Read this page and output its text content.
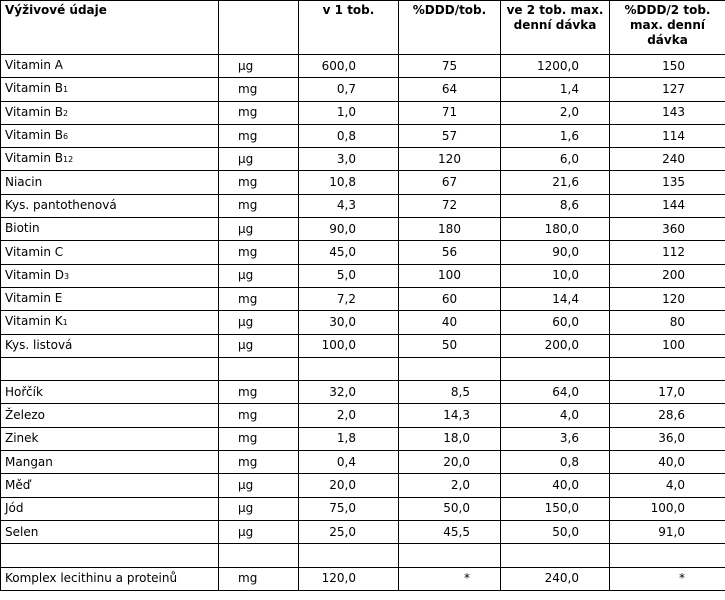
Výživové údaje		v 1 tob.	%DDD/tob.	ve 2 tob. max. denní dávka	%DDD/2 tob. max. denní dávka
Vitamin A	µg	600,0	75	1200,0	150
Vitamin B1	mg	0,7	64	1,4	127
Vitamin B2	mg	1,0	71	2,0	143
Vitamin B6	mg	0,8	57	1,6	114
Vitamin B12	µg	3,0	120	6,0	240
Niacin	mg	10,8	67	21,6	135
Kys. pantothenová	mg	4,3	72	8,6	144
Biotin	µg	90,0	180	180,0	360
Vitamin C	mg	45,0	56	90,0	112
Vitamin D3	µg	5,0	100	10,0	200
Vitamin E	mg	7,2	60	14,4	120
Vitamin K1	µg	30,0	40	60,0	80
Kys. listová	µg	100,0	50	200,0	100

Hořčík	mg	32,0	8,5	64,0	17,0
Železo	mg	2,0	14,3	4,0	28,6
Zinek	mg	1,8	18,0	3,6	36,0
Mangan	mg	0,4	20,0	0,8	40,0
Měď	µg	20,0	2,0	40,0	4,0
Jód	µg	75,0	50,0	150,0	100,0
Selen	µg	25,0	45,5	50,0	91,0

Komplex lecithinu a proteinů	mg	120,0	*	240,0	*
